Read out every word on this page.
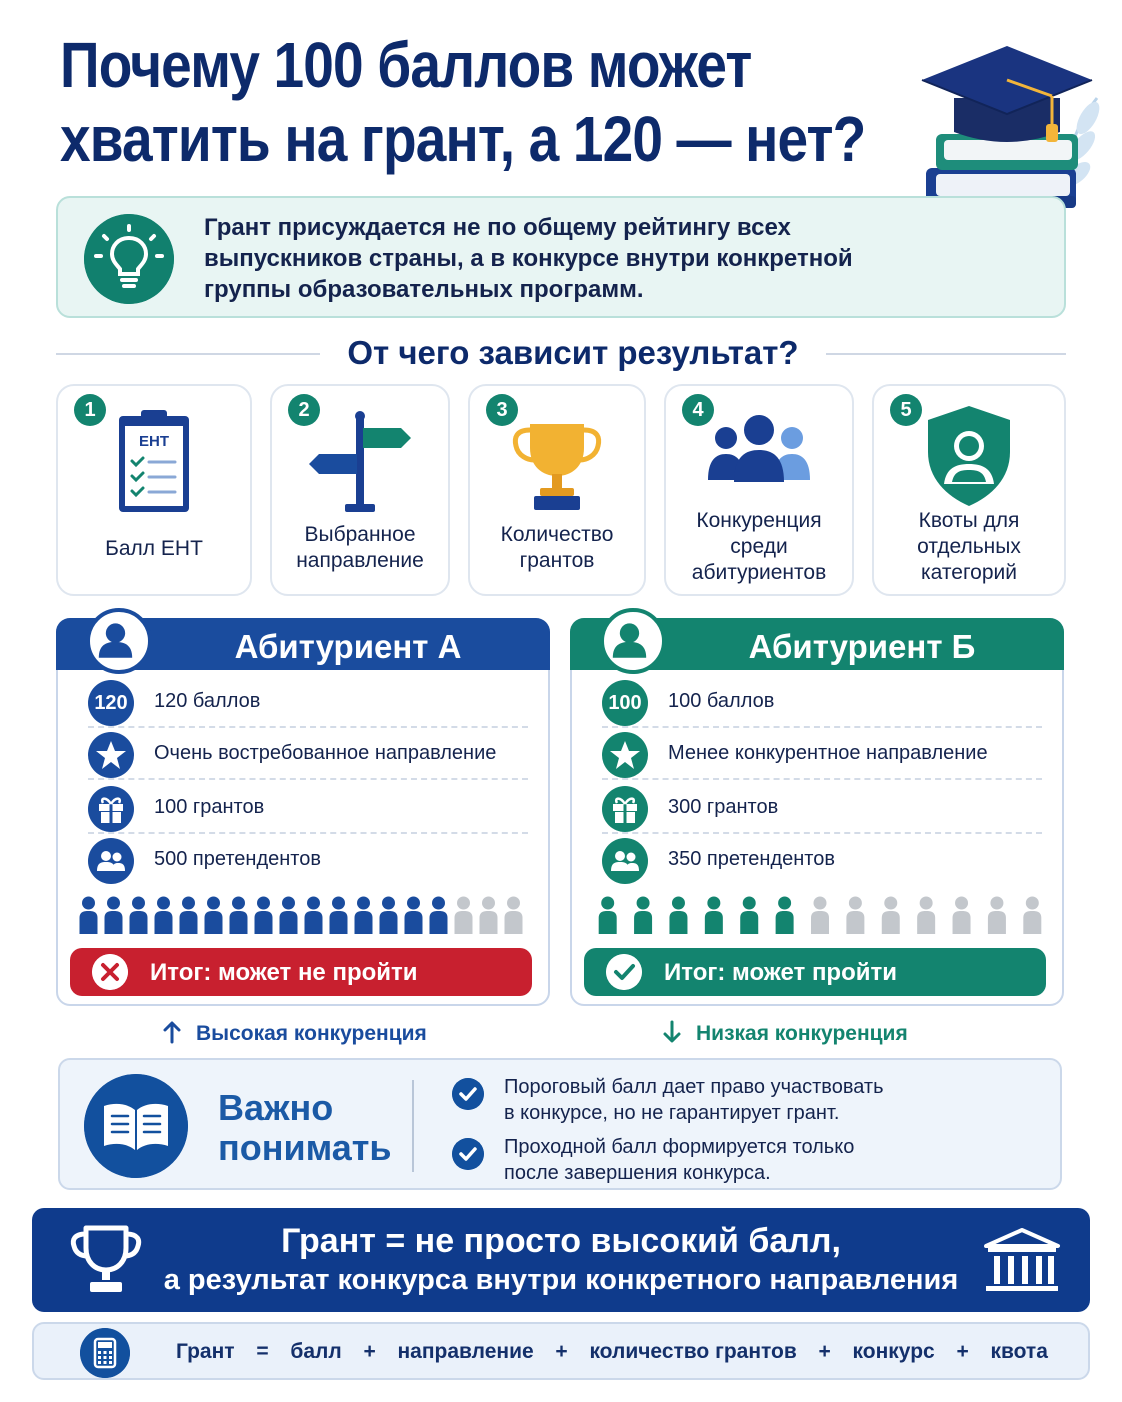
Почему 100 баллов может
хватить на грант, а 120 — нет?
Грант присуждается не по общему рейтингу всех
выпускников страны, а в конкурсе внутри конкретной
группы образовательных программ.
От чего зависит результат?
1
ЕНТ
Балл ЕНТ
2
Выбранное
направление
3
Количество
грантов
4
Конкуренция
среди
абитуриентов
5
Квоты для
отдельных
категорий
Абитуриент А
120	120 баллов
Очень востребованное направление
100 грантов
500 претендентов
Итог: может не пройти
Высокая конкуренция
Абитуриент Б
100	100 баллов
Менее конкурентное направление
300 грантов
350 претендентов
Итог: может пройти
Низкая конкуренция
Важно
понимать
Пороговый балл дает право участвовать
в конкурсе, но не гарантирует грант.
Проходной балл формируется только
после завершения конкурса.
Грант = не просто высокий балл,
а результат конкурса внутри конкретного направления
Грант = балл + направление + количество грантов + конкурс + квота
